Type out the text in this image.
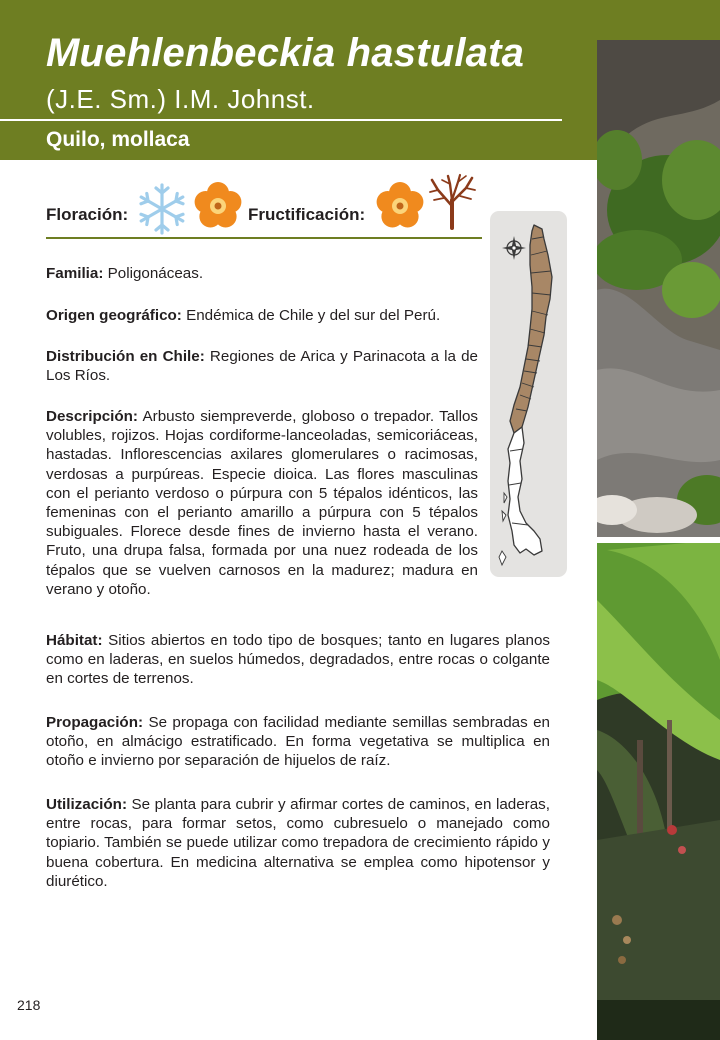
Muehlenbeckia hastulata
(J.E. Sm.) I.M. Johnst.
Quilo, mollaca
Floración:	Fructificación:
Familia: Poligonáceas.
Origen geográfico: Endémica de Chile y del sur del Perú.
Distribución en Chile: Regiones de Arica y Parinacota a la de Los Ríos.
Descripción: Arbusto siempreverde, globoso o trepador. Tallos volubles, rojizos. Hojas cordiforme-lanceoladas, semicoriáceas, hastadas. Inflorescencias axilares glomerulares o racimosas, verdosas a purpúreas. Especie dioica. Las flores masculinas con el perianto verdoso o púrpura con 5 tépalos idénticos, las femeninas con el perianto amarillo a púrpura con 5 tépalos subiguales. Florece desde fines de invierno hasta el verano. Fruto, una drupa falsa, formada por una nuez rodeada de los tépalos que se vuelven carnosos en la madurez; madura en verano y otoño.
Hábitat: Sitios abiertos en todo tipo de bosques; tanto en lugares planos como en laderas, en suelos húmedos, degradados, entre rocas o colgante en cortes de terrenos.
Propagación: Se propaga con facilidad mediante semillas sembradas en otoño, en almácigo estratificado. En forma vegetativa se multiplica en otoño e invierno por separación de hijuelos de raíz.
Utilización: Se planta para cubrir y afirmar cortes de caminos, en laderas, entre rocas, para formar setos, como cubresuelo o manejado como topiario. También se puede utilizar como trepadora de crecimiento rápido y buena cobertura. En medicina alternativa se emplea como hipotensor y diurético.
218
